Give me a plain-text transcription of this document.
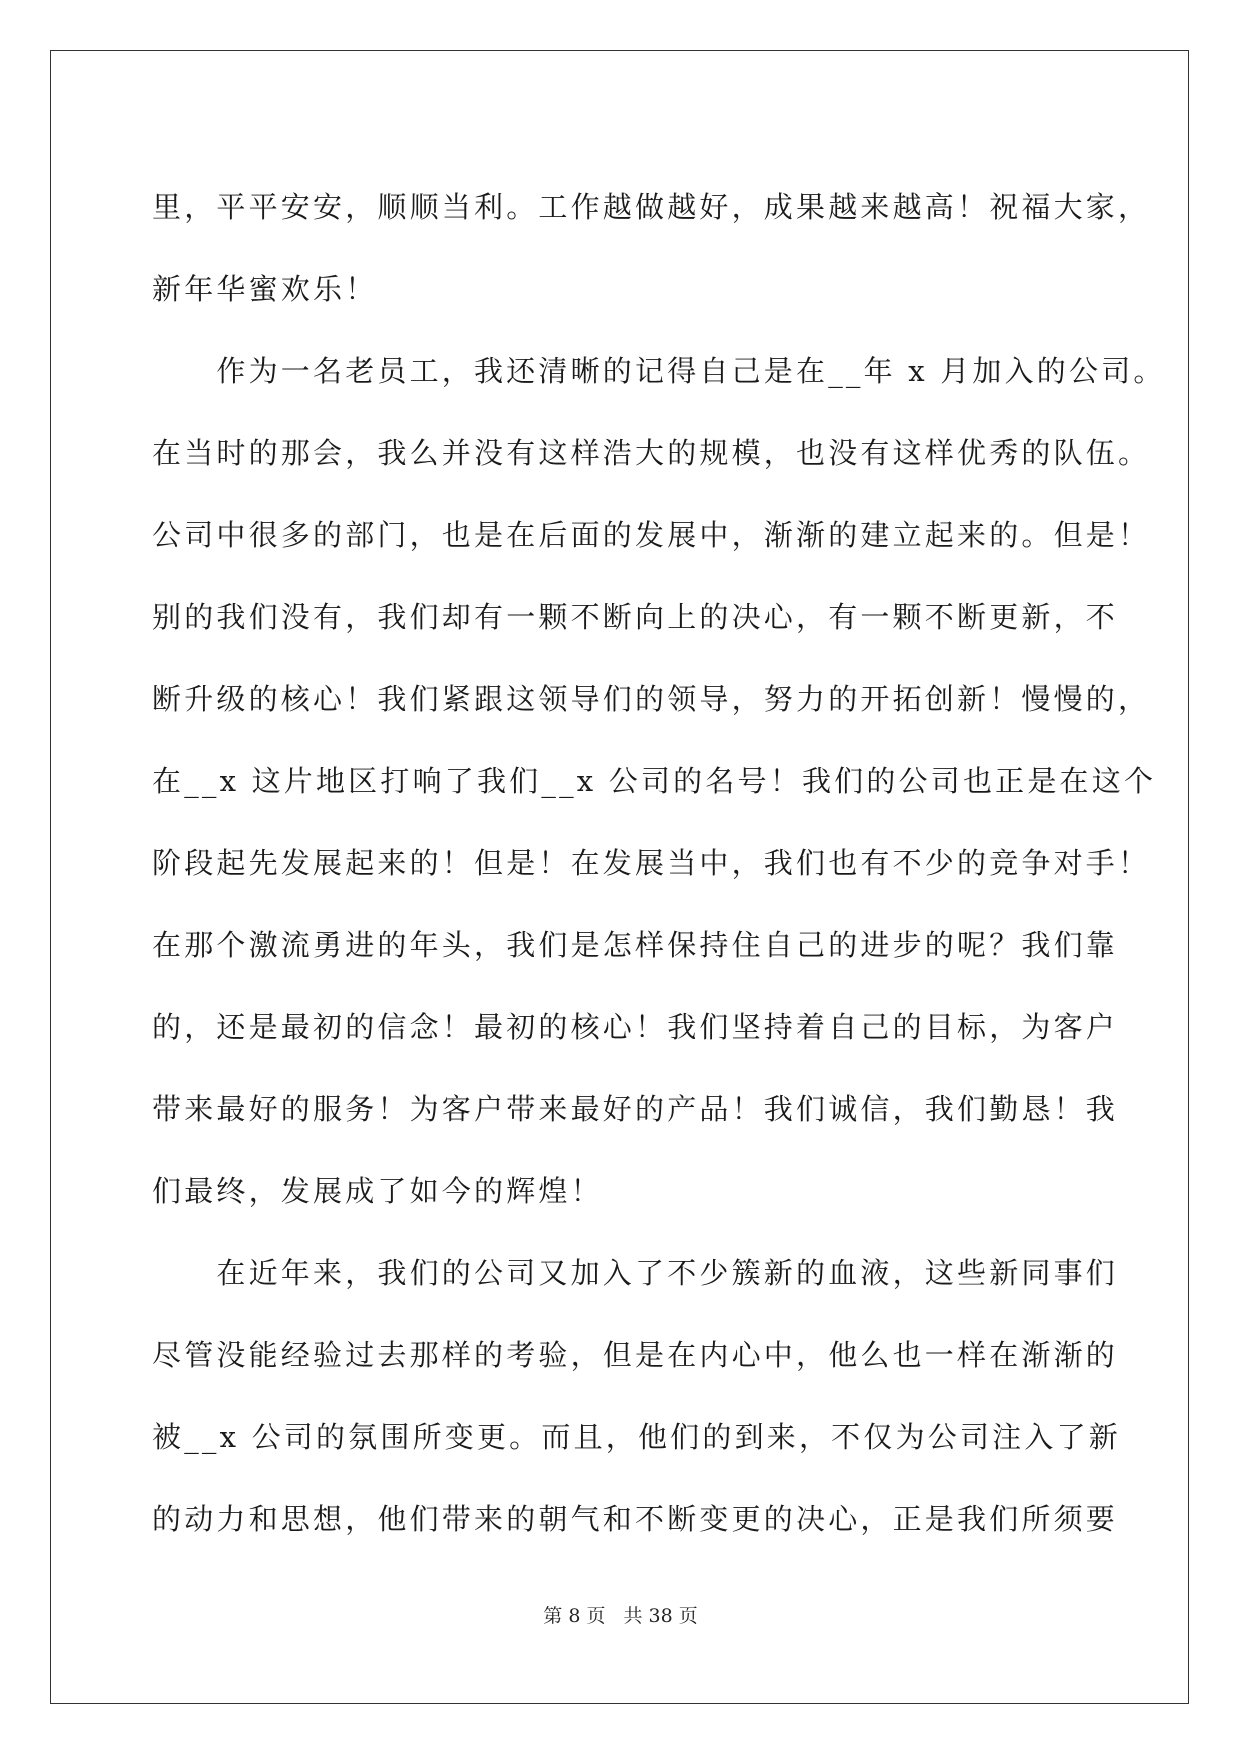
里，平平安安，顺顺当利。工作越做越好，成果越来越高！祝福大家，
新年华蜜欢乐！
　　作为一名老员工，我还清晰的记得自己是在__年 x 月加入的公司。
在当时的那会，我么并没有这样浩大的规模，也没有这样优秀的队伍。
公司中很多的部门，也是在后面的发展中，渐渐的建立起来的。但是！
别的我们没有，我们却有一颗不断向上的决心，有一颗不断更新，不
断升级的核心！我们紧跟这领导们的领导，努力的开拓创新！慢慢的，
在__x 这片地区打响了我们__x 公司的名号！我们的公司也正是在这个
阶段起先发展起来的！但是！在发展当中，我们也有不少的竞争对手！
在那个激流勇进的年头，我们是怎样保持住自己的进步的呢？我们靠
的，还是最初的信念！最初的核心！我们坚持着自己的目标，为客户
带来最好的服务！为客户带来最好的产品！我们诚信，我们勤恳！我
们最终，发展成了如今的辉煌！
　　在近年来，我们的公司又加入了不少簇新的血液，这些新同事们
尽管没能经验过去那样的考验，但是在内心中，他么也一样在渐渐的
被__x 公司的氛围所变更。而且，他们的到来，不仅为公司注入了新
的动力和思想，他们带来的朝气和不断变更的决心，正是我们所须要
第 8 页 共 38 页
